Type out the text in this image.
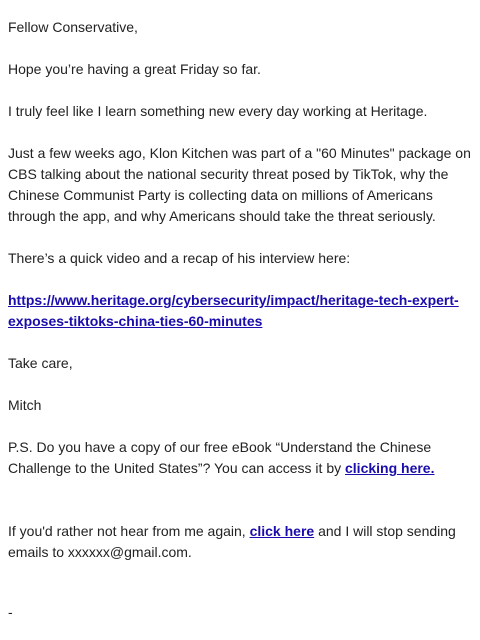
Fellow Conservative,

Hope you’re having a great Friday so far.

I truly feel like I learn something new every day working at Heritage.

Just a few weeks ago, Klon Kitchen was part of a "60 Minutes" package on CBS talking about the national security threat posed by TikTok, why the Chinese Communist Party is collecting data on millions of Americans through the app, and why Americans should take the threat seriously.

There’s a quick video and a recap of his interview here:

https://www.heritage.org/cybersecurity/impact/heritage-tech-expert-exposes-tiktoks-china-ties-60-minutes

Take care,

Mitch

P.S. Do you have a copy of our free eBook “Understand the Chinese Challenge to the United States”? You can access it by clicking here.

If you'd rather not hear from me again, click here and I will stop sending emails to xxxxxx@gmail.com.

-
